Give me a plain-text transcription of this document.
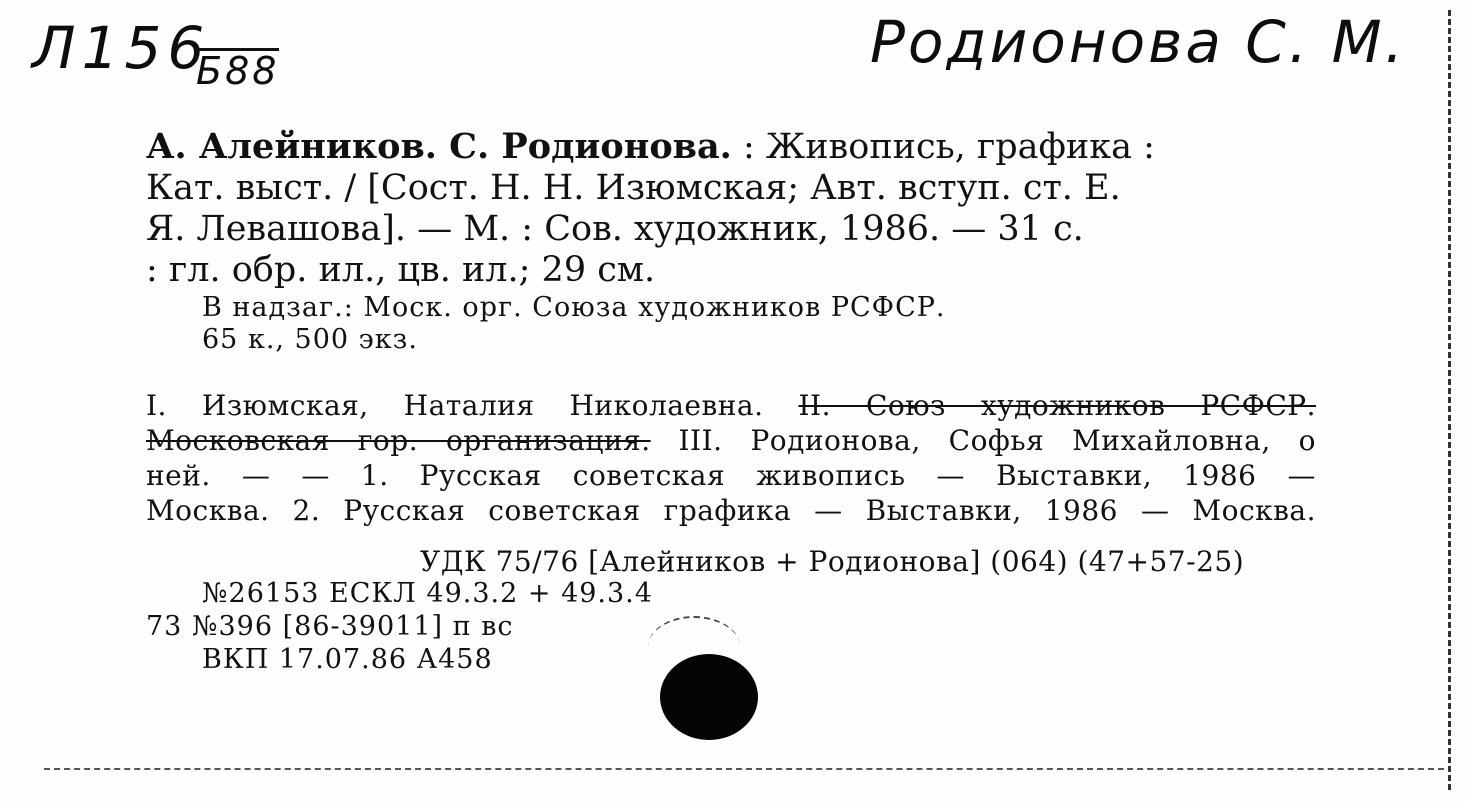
Л156
Б88	Родионова С. М.
А. Алейников. С. Родионова. : Живопись, графика :
Кат. выст. / [Сост. Н. Н. Изюмская; Авт. вступ. ст. Е.
Я. Левашова]. — М. : Сов. художник, 1986. — 31 с.
: гл. обр. ил., цв. ил.; 29 см.
В надзаг.: Моск. орг. Союза художников РСФСР.
65 к., 500 экз.
I. Изюмская, Наталия Николаевна. II. Союз художников РСФСР.
Московская гор. организация. III. Родионова, Софья Михайловна, о
ней. — — 1. Русская советская живопись — Выставки, 1986 —
Москва. 2. Русская советская графика — Выставки, 1986 — Москва.
УДК 75/76 [Алейников + Родионова] (064) (47+57-25)
№26153 ЕСКЛ 49.3.2 + 49.3.4
73 №396 [86-39011] п вс
ВКП 17.07.86 А458
